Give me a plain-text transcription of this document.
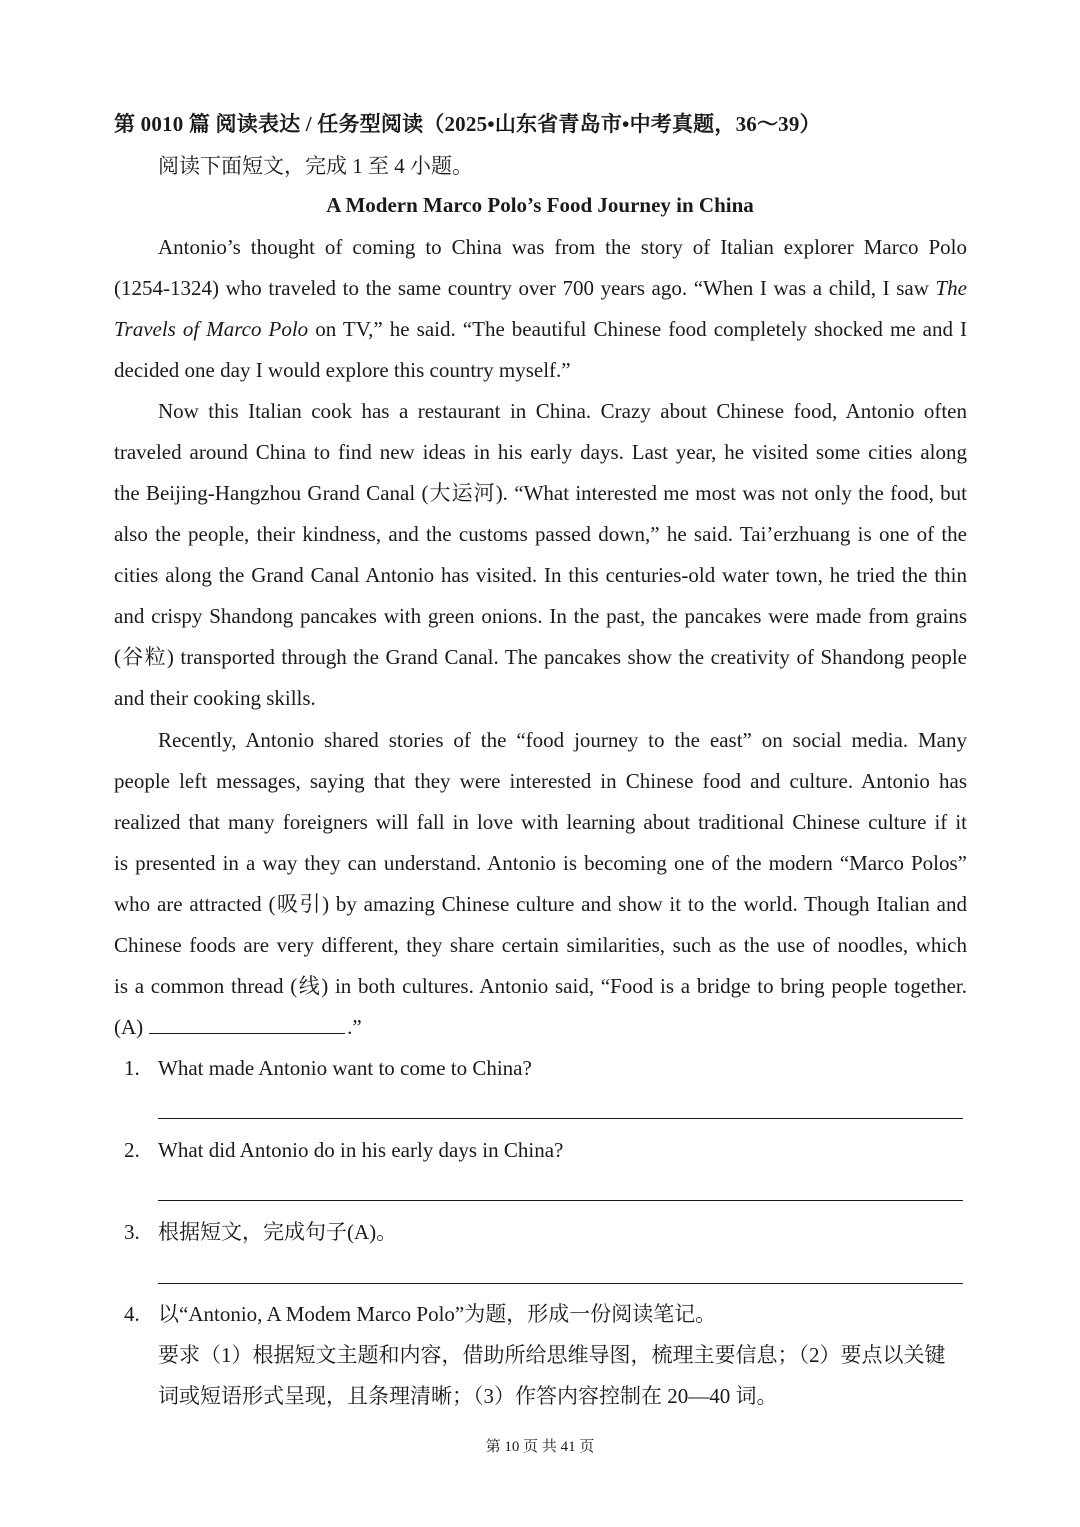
第 0010 篇 阅读表达 / 任务型阅读（2025•山东省青岛市•中考真题，36～39）
阅读下面短文，完成 1 至 4 小题。
A Modern Marco Polo’s Food Journey in China
Antonio’s thought of coming to China was from the story of Italian explorer Marco Polo
(1254-1324) who traveled to the same country over 700 years ago. “When I was a child, I saw The
Travels of Marco Polo on TV,” he said. “The beautiful Chinese food completely shocked me and I
decided one day I would explore this country myself.”
Now this Italian cook has a restaurant in China. Crazy about Chinese food, Antonio often
traveled around China to find new ideas in his early days. Last year, he visited some cities along
the Beijing-Hangzhou Grand Canal (大运河). “What interested me most was not only the food, but
also the people, their kindness, and the customs passed down,” he said. Tai’erzhuang is one of the
cities along the Grand Canal Antonio has visited. In this centuries-old water town, he tried the thin
and crispy Shandong pancakes with green onions. In the past, the pancakes were made from grains
(谷粒) transported through the Grand Canal. The pancakes show the creativity of Shandong people
and their cooking skills.
Recently, Antonio shared stories of the “food journey to the east” on social media. Many
people left messages, saying that they were interested in Chinese food and culture. Antonio has
realized that many foreigners will fall in love with learning about traditional Chinese culture if it
is presented in a way they can understand. Antonio is becoming one of the modern “Marco Polos”
who are attracted (吸引) by amazing Chinese culture and show it to the world. Though Italian and
Chinese foods are very different, they share certain similarities, such as the use of noodles, which
is a common thread (线) in both cultures. Antonio said, “Food is a bridge to bring people together.
(A)	.”
1. What made Antonio want to come to China?
2. What did Antonio do in his early days in China?
3. 根据短文，完成句子(A)。
4. 以“Antonio, A Modem Marco Polo”为题，形成一份阅读笔记。
要求（1）根据短文主题和内容，借助所给思维导图，梳理主要信息；（2）要点以关键
词或短语形式呈现，且条理清晰；（3）作答内容控制在 20—40 词。
第 10 页 共 41 页
